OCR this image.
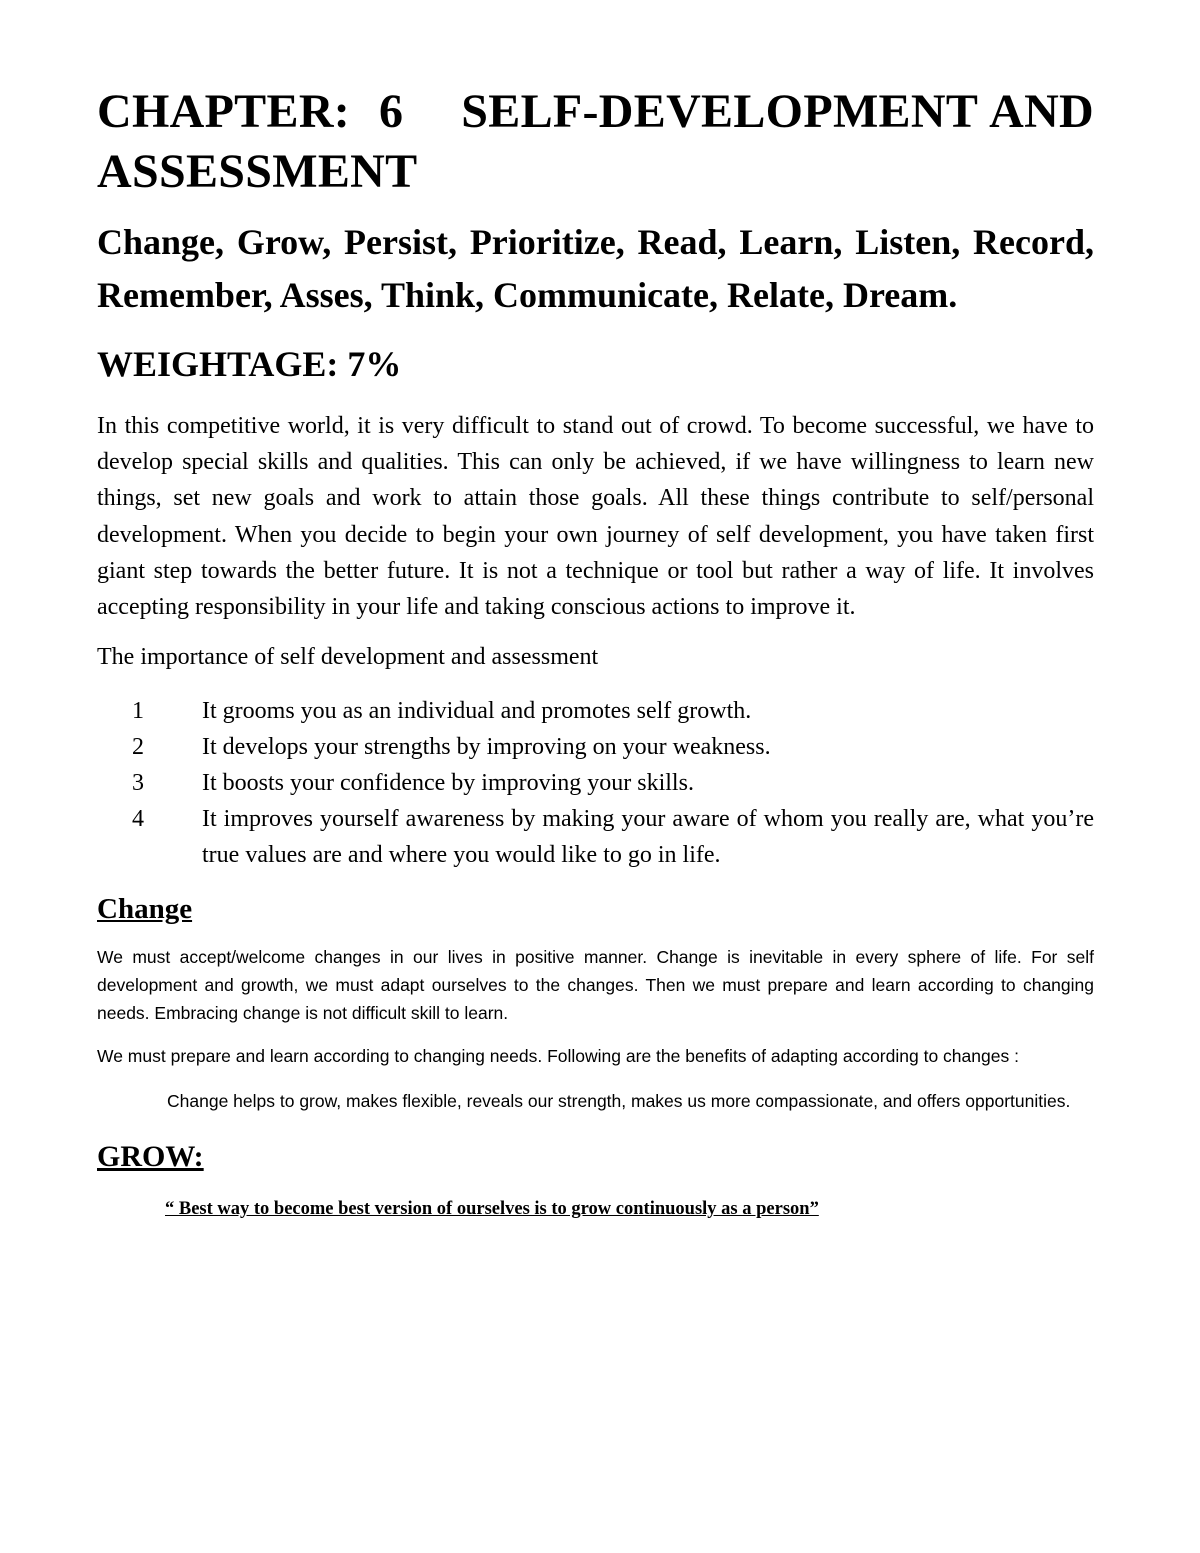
CHAPTER:  6    SELF-DEVELOPMENT AND ASSESSMENT

Change, Grow, Persist, Prioritize, Read, Learn, Listen, Record, Remember, Asses, Think, Communicate, Relate, Dream.

WEIGHTAGE: 7%

In this competitive world, it is very difficult to stand out of crowd. To become successful, we have to develop special skills and qualities. This can only be achieved, if we have willingness to learn new things, set new goals and work to attain those goals. All these things contribute to self/personal development. When you decide to begin your own journey of self development, you have taken first giant step towards the better future. It is not a technique or tool but rather a way of life. It involves accepting responsibility in your life and taking conscious actions to improve it.

The importance of self development and assessment

1	It grooms you as an individual and promotes self growth.
2	It develops your strengths by improving on your weakness.
3	It boosts your confidence by improving your skills.
4	It improves yourself awareness by making your aware of whom you really are, what you’re true values are and where you would like to go in life.
Change

We must accept/welcome changes in our lives in positive manner. Change is inevitable in every sphere of life. For self development and growth, we must adapt ourselves to the changes. Then we must prepare and learn according to changing needs. Embracing change is not difficult skill to learn.

We must prepare and learn according to changing needs. Following are the benefits of adapting according to changes :

Change helps to grow, makes flexible, reveals our strength, makes us more compassionate, and offers opportunities.

GROW:

“ Best way to become best version of ourselves is to grow continuously as a person”
